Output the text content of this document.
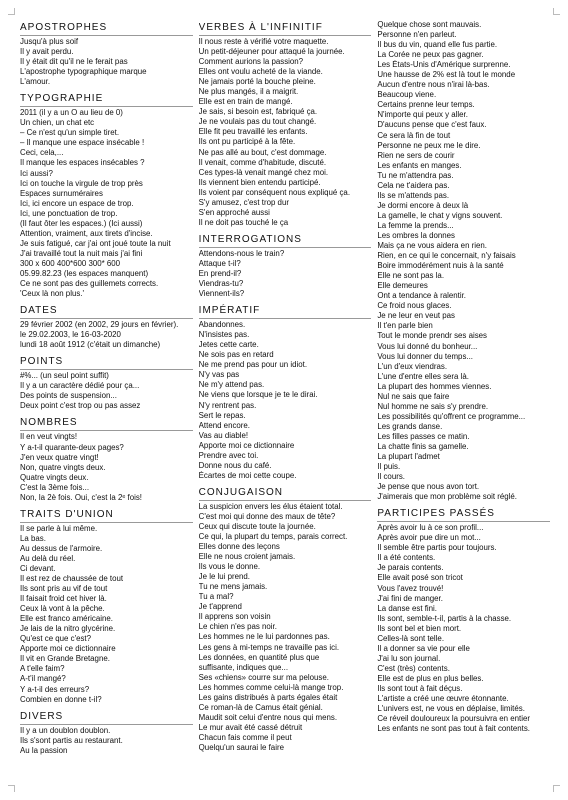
APOSTROPHES
Jusqu'à plus soif
Il y avait perdu.
Il y était dit qu'il ne le ferait pas
L'apostrophe typographique marque
L'amour.
TYPOGRAPHIE
2011 (il y a un O au lieu de 0)
Un chien, un chat etc
– Ce n'est qu'un simple tiret.
– Il manque une espace insécable !
Ceci, cela,...
Il manque les espaces insécables ?
Ici aussi?
Ici on touche la virgule de trop près
Espaces surnuméraires
Ici, ici encore un espace de trop.
Ici, une ponctuation de trop.
(Il faut ôter les espaces.) (Ici aussi)
Attention, vraiment, aux tirets d'incise.
Je suis fatigué, car j'ai ont joué toute la nuit
J'ai travaillé tout la nuit mais j'ai fini
300 x 600 400*600 300* 600
05.99.82.23 (les espaces manquent)
Ce ne sont pas des guillemets corrects.
'Ceux là non plus.'
DATES
29 février 2002 (en 2002, 29 jours en février).
le 29.02.2003, le 16-03-2020
lundi 18 août 1912 (c'était un dimanche)
POINTS
#%... (un seul point suffit)
Il y a un caractère dédié pour ça...
Des points de suspension...
Deux point c'est trop ou pas assez
NOMBRES
Il en veut vingts!
Y a-t-il quarante-deux pages?
J'en veux quatre vingt!
Non, quatre vingts deux.
Quatre vingts deux.
C'est la 3ème fois...
Non, la 2è fois. Oui, c'est la 2ᵉ fois!
TRAITS D'UNION
Il se parle à lui même.
La bas.
Au dessus de l'armoire.
Au delà du réel.
Ci devant.
Il est rez de chaussée de tout
Ils sont pris au vif de tout
Il faisait froid cet hiver là.
Ceux là vont à la pêche.
Elle est franco américaine.
Je lais de la nitro glycérine.
Qu'est ce que c'est?
Apporte moi ce dictionnaire
Il vit en Grande Bretagne.
A t'elle faim?
A-t'il mangé?
Y a-t-il des erreurs?
Combien en donne t-il?
DIVERS
Il y a un doublon doublon.
Ils s'sont partis au restaurant.
Au la passion
VERBES À L'INFINITIF
Il nous reste à vérifié votre maquette.
Un petit-déjeuner pour attaqué la journée.
Comment aurions la passion?
Elles ont voulu acheté de la viande.
Ne jamais porté la bouche pleine.
Ne plus mangés, il a maigrit.
Elle est en train de mangé.
Je sais, si besoin est, fabriqué ça.
Je ne voulais pas du tout changé.
Elle fit peu travaillé les enfants.
Ils ont pu participé à la fête.
Ne pas allé au bout, c'est dommage.
Il venait, comme d'habitude, discuté.
Ces types-là venait mangé chez moi.
Ils viennent bien entendu participé.
Ils voient par conséquent nous expliqué ça.
S'y amusez, c'est trop dur
S'en approché aussi
Il ne doit pas touché le ça
INTERROGATIONS
Attendons-nous le train?
Attaque t-il?
En prend-il?
Viendras-tu?
Viennent-ils?
IMPÉRATIF
Abandonnes.
N'insistes pas.
Jetes cette carte.
Ne sois pas en retard
Ne me prend pas pour un idiot.
N'y vas pas
Ne m'y attend pas.
Ne viens que lorsque je te le dirai.
N'y rentrent pas.
Sert le repas.
Attend encore.
Vas au diable!
Apporte moi ce dictionnaire
Prendre avec toi.
Donne nous du café.
Écartes de moi cette coupe.
CONJUGAISON
La suspicion envers les élus étaient total.
C'est moi qui donne des maux de tête?
Ceux qui discute toute la journée.
Ce qui, la plupart du temps, parais correct.
Elles donne des leçons
Elle ne nous croient jamais.
Ils vous le donne.
Je le lui prend.
Tu ne mens jamais.
Tu a mal?
Je t'apprend
Il apprens son voisin
Le chien n'es pas noir.
Les hommes ne le lui pardonnes pas.
Les gens à mi-temps ne travaille pas ici.
Les données, en quantité plus que
suffisante, indiques que...
Ses «chiens» courre sur ma pelouse.
Les hommes comme celui-là mange trop.
Les gains distribués à parts égales était
Ce roman-là de Camus était génial.
Maudit soit celui d'entre nous qui mens.
Le mur avait été cassé détruit
Chacun fais comme il peut
Quelqu'un saurai le faire
Quelque chose sont mauvais.
Personne n'en parleut.
Il bus du vin, quand elle fus partie.
La Corée ne peux pas gagner.
Les États-Unis d'Amérique surprenne.
Une hausse de 2% est là tout le monde
Aucun d'entre nous n'irai là-bas.
Beaucoup viene.
Certains prenne leur temps.
N'importe qui peux y aller.
D'aucuns pense que c'est faux.
Ce sera là fin de tout
Personne ne peux me le dire.
Rien ne sers de courir
Les enfants en manges.
Tu ne m'attendra pas.
Cela ne t'aidera pas.
Ils se m'attends pas.
Je dormi encore à deux là
La gamelle, le chat y vigns souvent.
La femme la prends...
Les ombres la donnes
Mais ça ne vous aidera en rien.
Rien, en ce qui le concernait, n'y faisais
Boire immodérément nuis à la santé
Elle ne sont pas la.
Elle demeures
Ont a tendance à ralentir.
Ce froid nous glaces.
Je ne leur en veut pas
Il t'en parle bien
Tout le monde prendr ses aises
Vous lui donné du bonheur...
Vous lui donner du temps...
L'un d'eux viendras.
L'une d'entre elles sera là.
La plupart des hommes viennes.
Nul ne sais que faire
Nul homme ne sais s'y prendre.
Les possibilités qu'offrent ce programme...
Les grands danse.
Les filles passes ce matin.
La chatte finis sa gamelle.
La plupart l'admet
Il puis.
Il cours.
Je pense que nous avon tort.
J'aimerais que mon problème soit réglé.
PARTICIPES PASSÉS
Après avoir lu à ce son profil...
Après avoir pue dire un mot...
Il semble être partis pour toujours.
Il a été contents.
Je parais contents.
Elle avait posé son tricot
Vous l'avez trouvé!
J'ai fini de manger.
La danse est fini.
Ils sont, semble-t-il, partis à la chasse.
Ils sont bel et bien mort.
Celles-là sont telle.
Il a donner sa vie pour elle
J'ai lu son journal.
C'est (très) contents.
Elle est de plus en plus belles.
Ils sont tout à fait déçus.
L'artiste a créé une œuvre étonnante.
L'univers est, ne vous en déplaise, limités.
Ce réveil douloureux la poursuivra en entier
Les enfants ne sont pas tout à fait contents.
